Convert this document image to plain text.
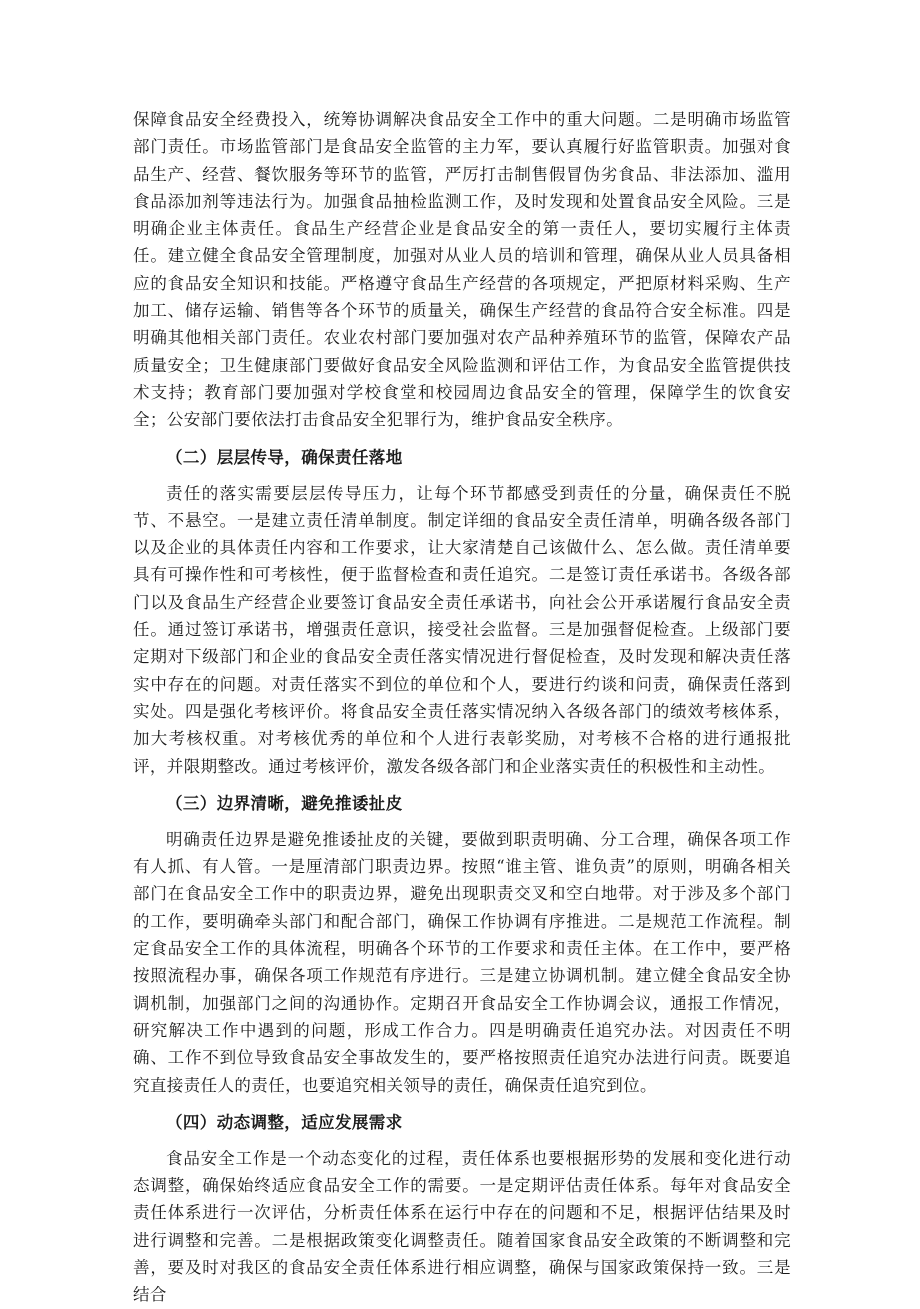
保障食品安全经费投入，统筹协调解决食品安全工作中的重大问题。二是明确市场监管部门责任。市场监管部门是食品安全监管的主力军，要认真履行好监管职责。加强对食品生产、经营、餐饮服务等环节的监管，严厉打击制售假冒伪劣食品、非法添加、滥用食品添加剂等违法行为。加强食品抽检监测工作，及时发现和处置食品安全风险。三是明确企业主体责任。食品生产经营企业是食品安全的第一责任人，要切实履行主体责任。建立健全食品安全管理制度，加强对从业人员的培训和管理，确保从业人员具备相应的食品安全知识和技能。严格遵守食品生产经营的各项规定，严把原材料采购、生产加工、储存运输、销售等各个环节的质量关，确保生产经营的食品符合安全标准。四是明确其他相关部门责任。农业农村部门要加强对农产品种养殖环节的监管，保障农产品质量安全；卫生健康部门要做好食品安全风险监测和评估工作，为食品安全监管提供技术支持；教育部门要加强对学校食堂和校园周边食品安全的管理，保障学生的饮食安全；公安部门要依法打击食品安全犯罪行为，维护食品安全秩序。

（二）层层传导，确保责任落地

责任的落实需要层层传导压力，让每个环节都感受到责任的分量，确保责任不脱节、不悬空。一是建立责任清单制度。制定详细的食品安全责任清单，明确各级各部门以及企业的具体责任内容和工作要求，让大家清楚自己该做什么、怎么做。责任清单要具有可操作性和可考核性，便于监督检查和责任追究。二是签订责任承诺书。各级各部门以及食品生产经营企业要签订食品安全责任承诺书，向社会公开承诺履行食品安全责任。通过签订承诺书，增强责任意识，接受社会监督。三是加强督促检查。上级部门要定期对下级部门和企业的食品安全责任落实情况进行督促检查，及时发现和解决责任落实中存在的问题。对责任落实不到位的单位和个人，要进行约谈和问责，确保责任落到实处。四是强化考核评价。将食品安全责任落实情况纳入各级各部门的绩效考核体系，加大考核权重。对考核优秀的单位和个人进行表彰奖励，对考核不合格的进行通报批评，并限期整改。通过考核评价，激发各级各部门和企业落实责任的积极性和主动性。

（三）边界清晰，避免推诿扯皮

明确责任边界是避免推诿扯皮的关键，要做到职责明确、分工合理，确保各项工作有人抓、有人管。一是厘清部门职责边界。按照“谁主管、谁负责”的原则，明确各相关部门在食品安全工作中的职责边界，避免出现职责交叉和空白地带。对于涉及多个部门的工作，要明确牵头部门和配合部门，确保工作协调有序推进。二是规范工作流程。制定食品安全工作的具体流程，明确各个环节的工作要求和责任主体。在工作中，要严格按照流程办事，确保各项工作规范有序进行。三是建立协调机制。建立健全食品安全协调机制，加强部门之间的沟通协作。定期召开食品安全工作协调会议，通报工作情况，研究解决工作中遇到的问题，形成工作合力。四是明确责任追究办法。对因责任不明确、工作不到位导致食品安全事故发生的，要严格按照责任追究办法进行问责。既要追究直接责任人的责任，也要追究相关领导的责任，确保责任追究到位。

（四）动态调整，适应发展需求

食品安全工作是一个动态变化的过程，责任体系也要根据形势的发展和变化进行动态调整，确保始终适应食品安全工作的需要。一是定期评估责任体系。每年对食品安全责任体系进行一次评估，分析责任体系在运行中存在的问题和不足，根据评估结果及时进行调整和完善。二是根据政策变化调整责任。随着国家食品安全政策的不断调整和完善，要及时对我区的食品安全责任体系进行相应调整，确保与国家政策保持一致。三是结合
